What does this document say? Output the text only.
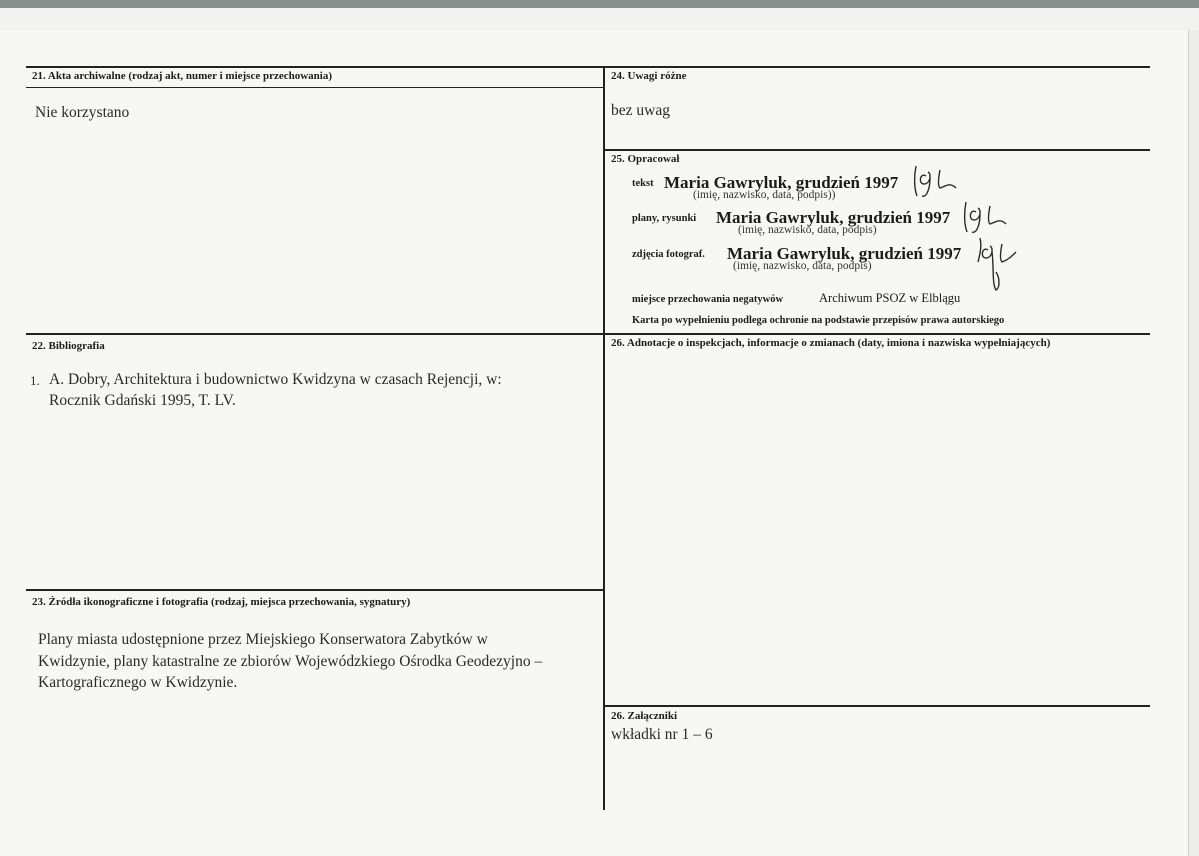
21. Akta archiwalne (rodzaj akt, numer i miejsce przechowania)
Nie korzystano
24. Uwagi różne
bez uwag
25. Opracował
tekst Maria Gawryluk, grudzień 1997
(imię, nazwisko, data, podpis))
plany, rysunki Maria Gawryluk, grudzień 1997
(imię, nazwisko, data, podpis)
zdjęcia fotograf. Maria Gawryluk, grudzień 1997
(imię, nazwisko, data, podpis)
miejsce przechowania negatywów	Archiwum PSOZ w Elblągu
Karta po wypełnieniu podlega ochronie na podstawie przepisów prawa autorskiego
22. Bibliografia
1. A. Dobry, Architektura i budownictwo Kwidzyna w czasach Rejencji, w:
Rocznik Gdański 1995, T. LV.
26. Adnotacje o inspekcjach, informacje o zmianach (daty, imiona i nazwiska wypełniających)
23. Źródła ikonograficzne i fotografia (rodzaj, miejsca przechowania, sygnatury)
Plany miasta udostępnione przez Miejskiego Konserwatora Zabytków w
Kwidzynie, plany katastralne ze zbiorów Wojewódzkiego Ośrodka Geodezyjno –
Kartograficznego w Kwidzynie.
26. Załączniki
wkładki nr 1 – 6
